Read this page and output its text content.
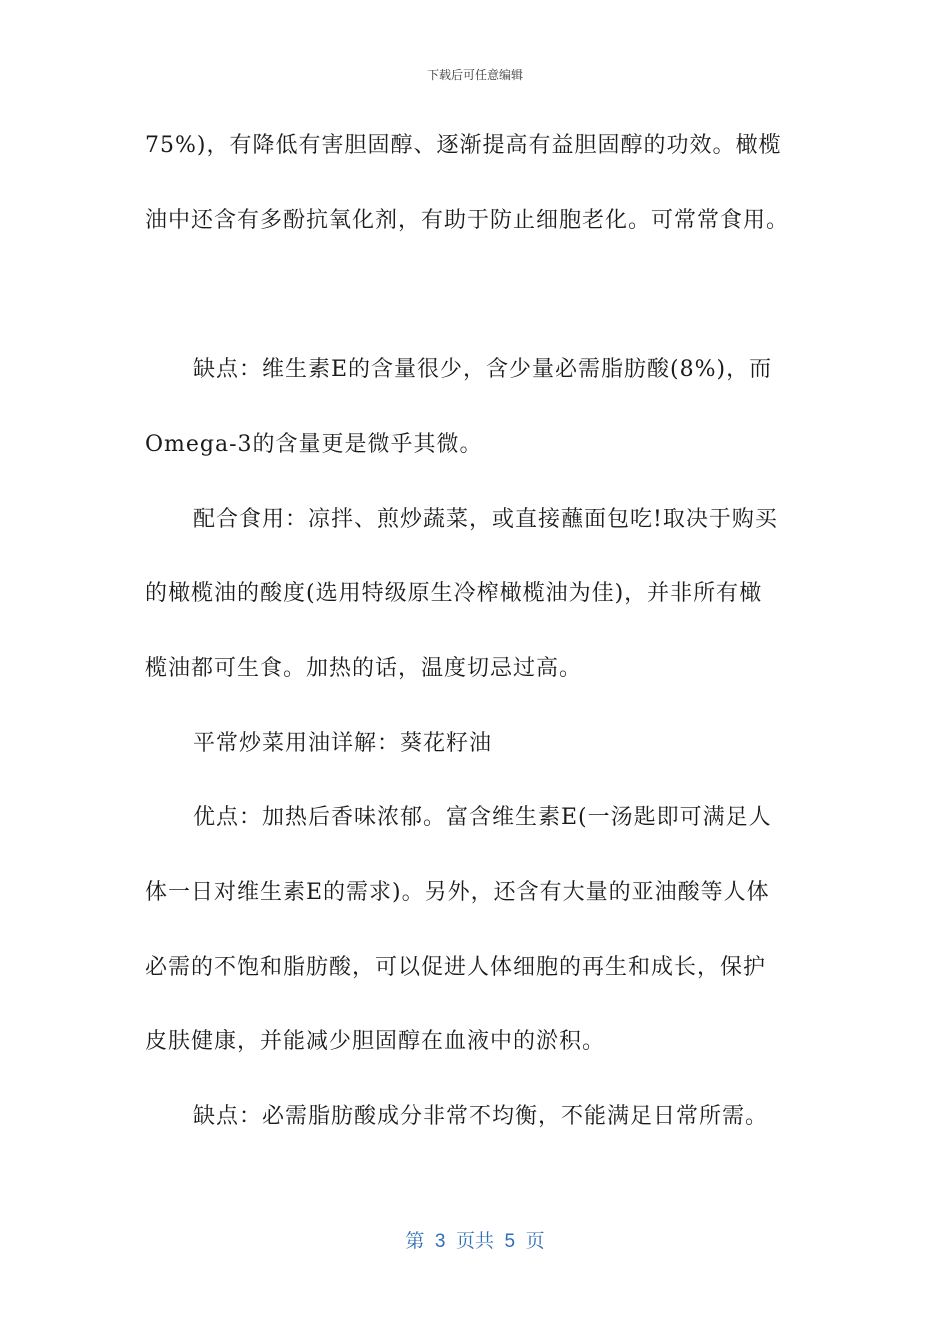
下载后可任意编辑
75%)，有降低有害胆固醇、逐渐提高有益胆固醇的功效。橄榄
油中还含有多酚抗氧化剂，有助于防止细胞老化。可常常食用。
缺点：维生素E的含量很少，含少量必需脂肪酸(8%)，而
Omega-3的含量更是微乎其微。
配合食用：凉拌、煎炒蔬菜，或直接蘸面包吃!取决于购买
的橄榄油的酸度(选用特级原生冷榨橄榄油为佳)，并非所有橄
榄油都可生食。加热的话，温度切忌过高。
平常炒菜用油详解：葵花籽油
优点：加热后香味浓郁。富含维生素E(一汤匙即可满足人
体一日对维生素E的需求)。另外，还含有大量的亚油酸等人体
必需的不饱和脂肪酸，可以促进人体细胞的再生和成长，保护
皮肤健康，并能减少胆固醇在血液中的淤积。
缺点：必需脂肪酸成分非常不均衡，不能满足日常所需。
第  3  页共  5  页
